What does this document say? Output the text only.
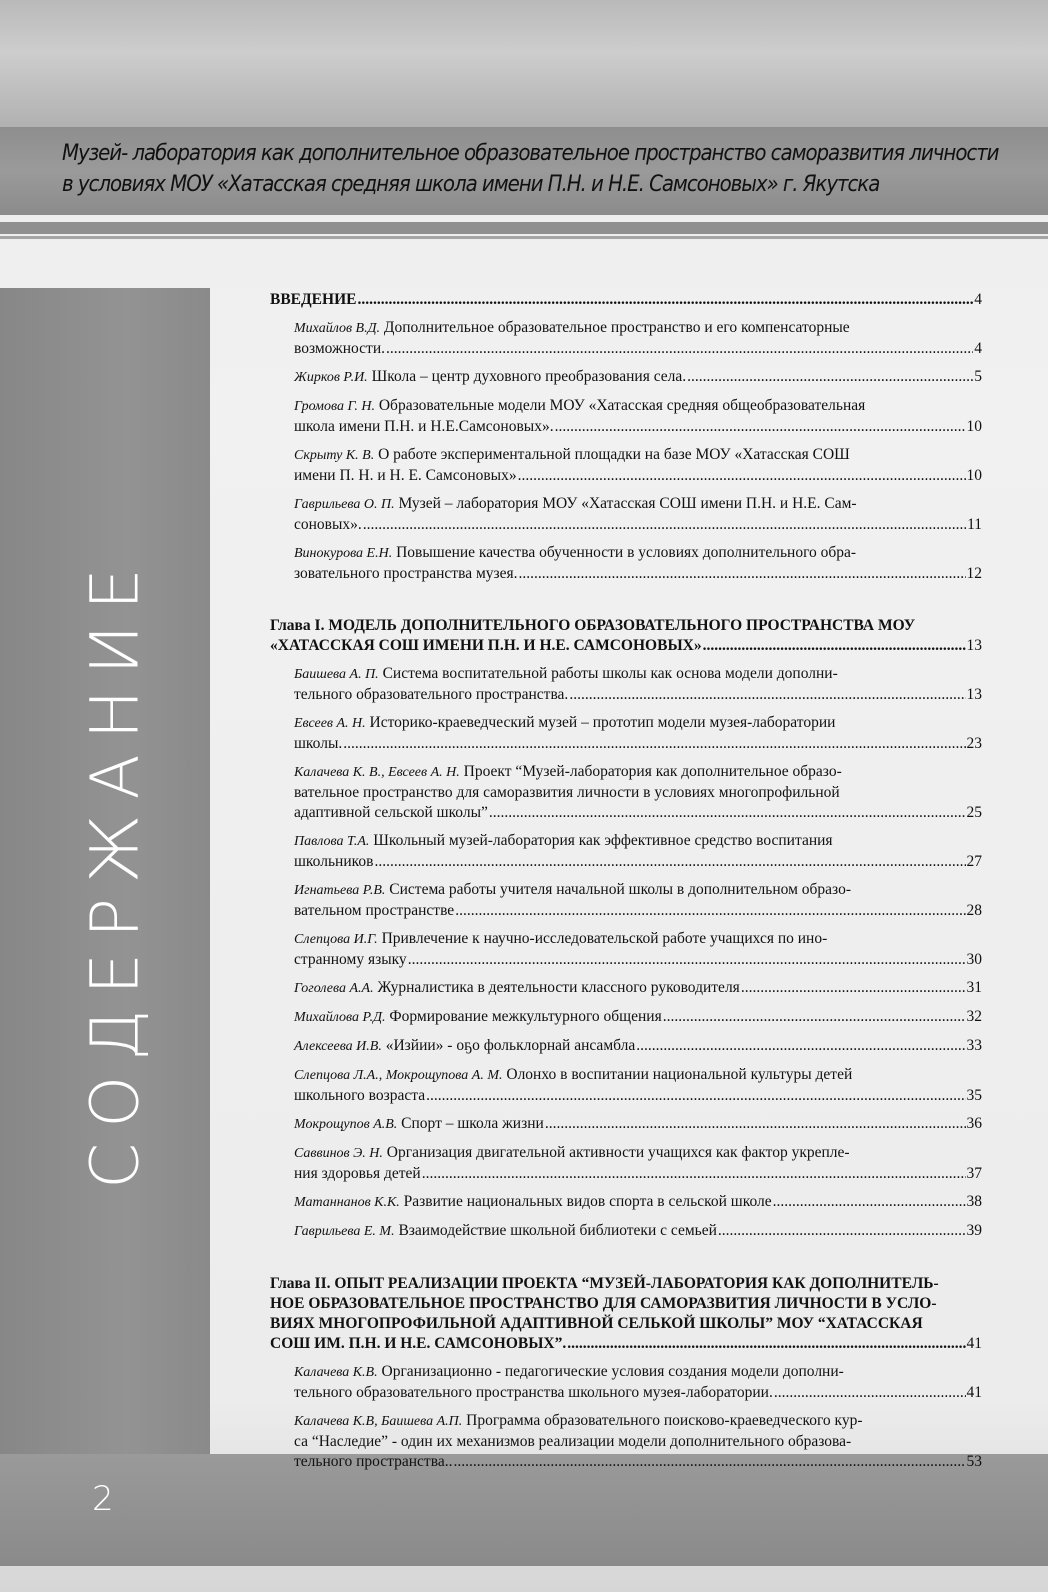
Музей- лаборатория как дополнительное образовательное пространство саморазвития личности
в условиях МОУ «Хатасская средняя школа имени П.Н. и Н.Е. Самсоновых» г. Якутска
СОДЕРЖАНИЕ
2
ВВЕДЕНИЕ .....	4
Михайлов В.Д. Дополнительное образовательное пространство и его компенсаторные
возможности. .....	4
Жирков Р.И. Школа – центр духовного преобразования села. .....	5
Громова Г. Н. Образовательные модели МОУ «Хатасская средняя общеобразовательная
школа имени П.Н. и Н.Е.Самсоновых». .....	10
Скрыту К. В. О работе экспериментальной площадки на базе МОУ «Хатасская СОШ
имени П. Н. и Н. Е. Самсоновых» .....	10
Гаврильева О. П. Музей – лаборатория МОУ «Хатасская СОШ имени П.Н. и Н.Е. Сам-
соновых». .....	11
Винокурова Е.Н. Повышение качества обученности в условиях дополнительного обра-
зовательного пространства музея. .....	12
Глава I. МОДЕЛЬ ДОПОЛНИТЕЛЬНОГО ОБРАЗОВАТЕЛЬНОГО ПРОСТРАНСТВА МОУ
«ХАТАССКАЯ СОШ ИМЕНИ П.Н. И Н.Е. САМСОНОВЫХ» .....	13
Баишева А. П. Система воспитательной работы школы как основа модели дополни-
тельного образовательного пространства. .....	13
Евсеев А. Н. Историко-краеведческий музей – прототип модели музея-лаборатории
школы. .....	23
Калачева К. В., Евсеев А. Н. Проект “Музей-лаборатория как дополнительное образо-
вательное пространство для саморазвития личности в условиях многопрофильной
адаптивной сельской школы” .....	25
Павлова Т.А. Школьный музей-лаборатория как эффективное средство воспитания
школьников .....	27
Игнатьева Р.В. Система работы учителя начальной школы в дополнительном образо-
вательном пространстве .....	28
Слепцова И.Г. Привлечение к научно-исследовательской работе учащихся по ино-
странному языку .....	30
Гоголева А.А. Журналистика в деятельности классного руководителя .....	31
Михайлова Р.Д. Формирование межкультурного общения .....	32
Алексеева И.В. «Изйии» - оҕо фольклорнай ансамбла .....	33
Слепцова Л.А., Мокрощупова А. М. Олонхо в воспитании национальной культуры детей
школьного возраста .....	35
Мокрощупов А.В. Спорт – школа жизни .....	36
Саввинов Э. Н. Организация двигательной активности учащихся как фактор укрепле-
ния здоровья детей .....	37
Матаннанов К.К. Развитие национальных видов спорта в сельской школе .....	38
Гаврильева Е. М. Взаимодействие школьной библиотеки с семьей .....	39
Глава II. ОПЫТ РЕАЛИЗАЦИИ ПРОЕКТА “МУЗЕЙ-ЛАБОРАТОРИЯ КАК ДОПОЛНИТЕЛЬ-
НОЕ ОБРАЗОВАТЕЛЬНОЕ ПРОСТРАНСТВО ДЛЯ САМОРАЗВИТИЯ ЛИЧНОСТИ В УСЛО-
ВИЯХ МНОГОПРОФИЛЬНОЙ АДАПТИВНОЙ СЕЛЬКОЙ ШКОЛЫ” МОУ “ХАТАССКАЯ
СОШ ИМ. П.Н. И Н.Е. САМСОНОВЫХ”. .....	41
Калачева К.В. Организационно - педагогические условия создания модели дополни-
тельного образовательного пространства школьного музея-лаборатории. .....	41
Калачева К.В, Баишева А.П. Программа образовательного поисково-краеведческого кур-
са “Наследие” - один их механизмов реализации модели дополнительного образова-
тельного пространства.. .....	53
